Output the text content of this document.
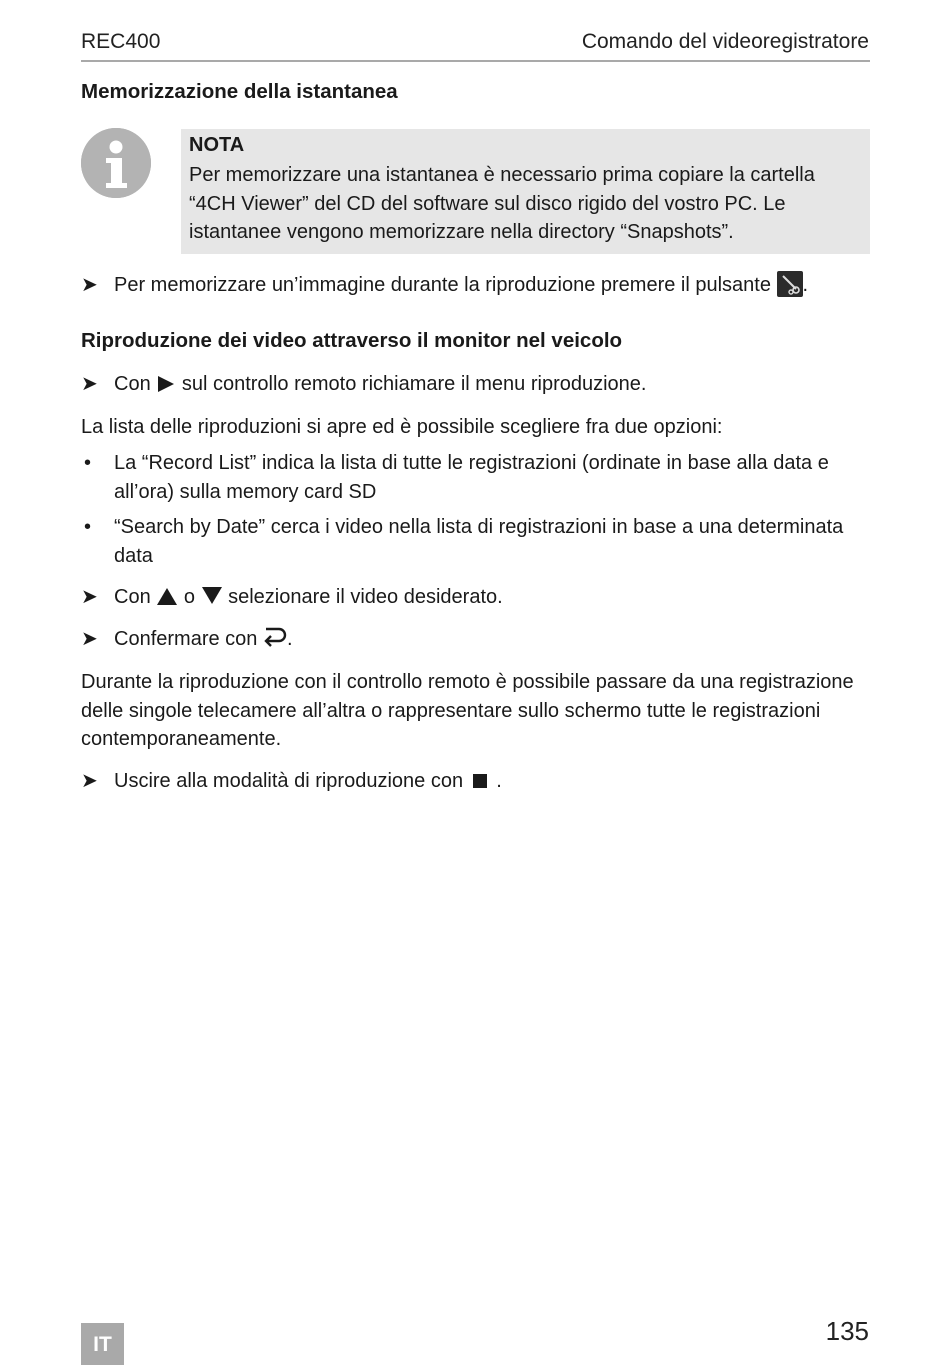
REC400	Comando del videoregistratore
Memorizzazione della istantanea
NOTA
Per memorizzare una istantanea è necessario prima copiare la cartella “4CH Viewer” del CD del software sul disco rigido del vostro PC. Le istantanee vengono memorizzare nella directory “Snapshots”.
➤ Per memorizzare un’immagine durante la riproduzione premere il pulsante .
Riproduzione dei video attraverso il monitor nel veicolo
➤ Con sul controllo remoto richiamare il menu riproduzione.
La lista delle riproduzioni si apre ed è possibile scegliere fra due opzioni:
• La “Record List” indica la lista di tutte le registrazioni (ordinate in base alla data e all’ora) sulla memory card SD
• “Search by Date” cerca i video nella lista di registrazioni in base a una determinata data
➤ Con o selezionare il video desiderato.
➤ Confermare con .
Durante la riproduzione con il controllo remoto è possibile passare da una registrazione delle singole telecamere all’altra o rappresentare sullo schermo tutte le registrazioni contemporaneamente.
➤ Uscire alla modalità di riproduzione con .
IT	135
